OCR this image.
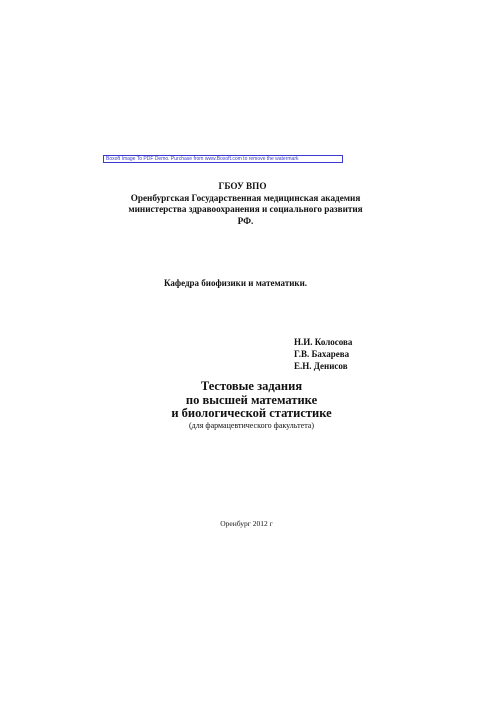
Boxoft Image To PDF Demo. Purchase from www.Boxoft.com to remove the watermark
ГБОУ ВПО
Оренбургская Государственная медицинская академия
министерства здравоохранения и социального развития
РФ.
Кафедра биофизики и математики.
Н.И. Колосова
Г.В. Бахарева
Е.Н. Денисов
Тестовые задания
по высшей математике
и биологической статистике
(для фармацевтического факультета)
Оренбург 2012 г
